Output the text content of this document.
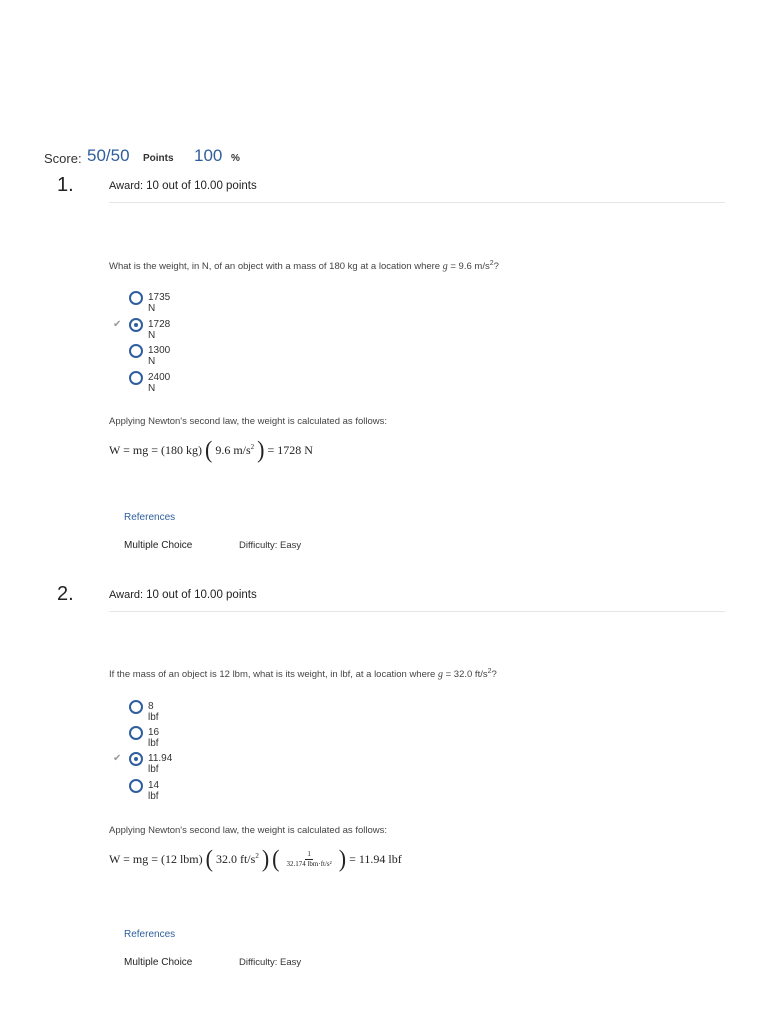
Score: 50/50 Points 100 %
1.	Award: 10 out of 10.00 points
What is the weight, in N, of an object with a mass of 180 kg at a location where g = 9.6 $m/s^2$?
1735 N
✔	1728 N
1300 N
2400 N
Applying Newton's second law, the weight is calculated as follows:
W = mg = (180 kg) ( 9.6 $m/s^2$ ) = 1728 N
References
Multiple Choice	Difficulty: Easy
2.	Award: 10 out of 10.00 points
If the mass of an object is 12 lbm, what is its weight, in lbf, at a location where g = 32.0 $ft/s^2$?
8 lbf
16 lbf
✔	11.94 lbf
14 lbf
Applying Newton's second law, the weight is calculated as follows:
W = mg = (12 lbm) ( 32.0 $ft/s^2$ ) ( $\frac{1}{\text{32.174 lbm·ft/s²}}$ ) = 11.94 lbf
References
Multiple Choice	Difficulty: Easy
